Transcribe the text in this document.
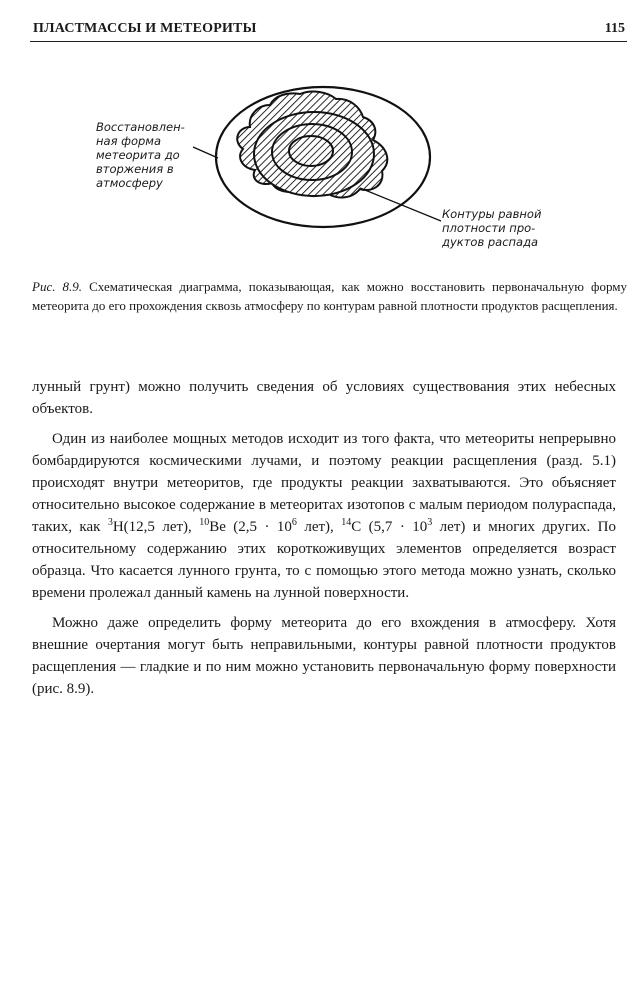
ПЛАСТМАССЫ И МЕТЕОРИТЫ	115
Восстановлен-
ная форма
метеорита до
вторжения в
атмосферу
Контуры равной
плотности про-
дуктов распада
Рис. 8.9. Схематическая диаграмма, показывающая, как можно восстановить первоначальную форму метеорита до его прохождения сквозь атмосферу по контурам равной плотности продуктов расщепления.

лунный грунт) можно получить сведения об условиях существования этих небесных объектов.

Один из наиболее мощных методов исходит из того факта, что метеориты непрерывно бомбардируются космическими лучами, и поэтому реакции расщепления (разд. 5.1) происходят внутри метеоритов, где продукты реакции захватываются. Это объясняет относительно высокое содержание в метеоритах изотопов с малым периодом полураспада, таких, как $^3$H(12,5 лет), $^{10}$Be ($2,5 \cdot 10^6$ лет), $^{14}$C ($5,7 \cdot 10^3$ лет) и многих других. По относительному содержанию этих короткоживущих элементов определяется возраст образца. Что касается лунного грунта, то с помощью этого метода можно узнать, сколько времени пролежал данный камень на лунной поверхности.

Можно даже определить форму метеорита до его вхождения в атмосферу. Хотя внешние очертания могут быть неправильными, контуры равной плотности продуктов расщепления — гладкие и по ним можно установить первоначальную форму поверхности (рис. 8.9).
